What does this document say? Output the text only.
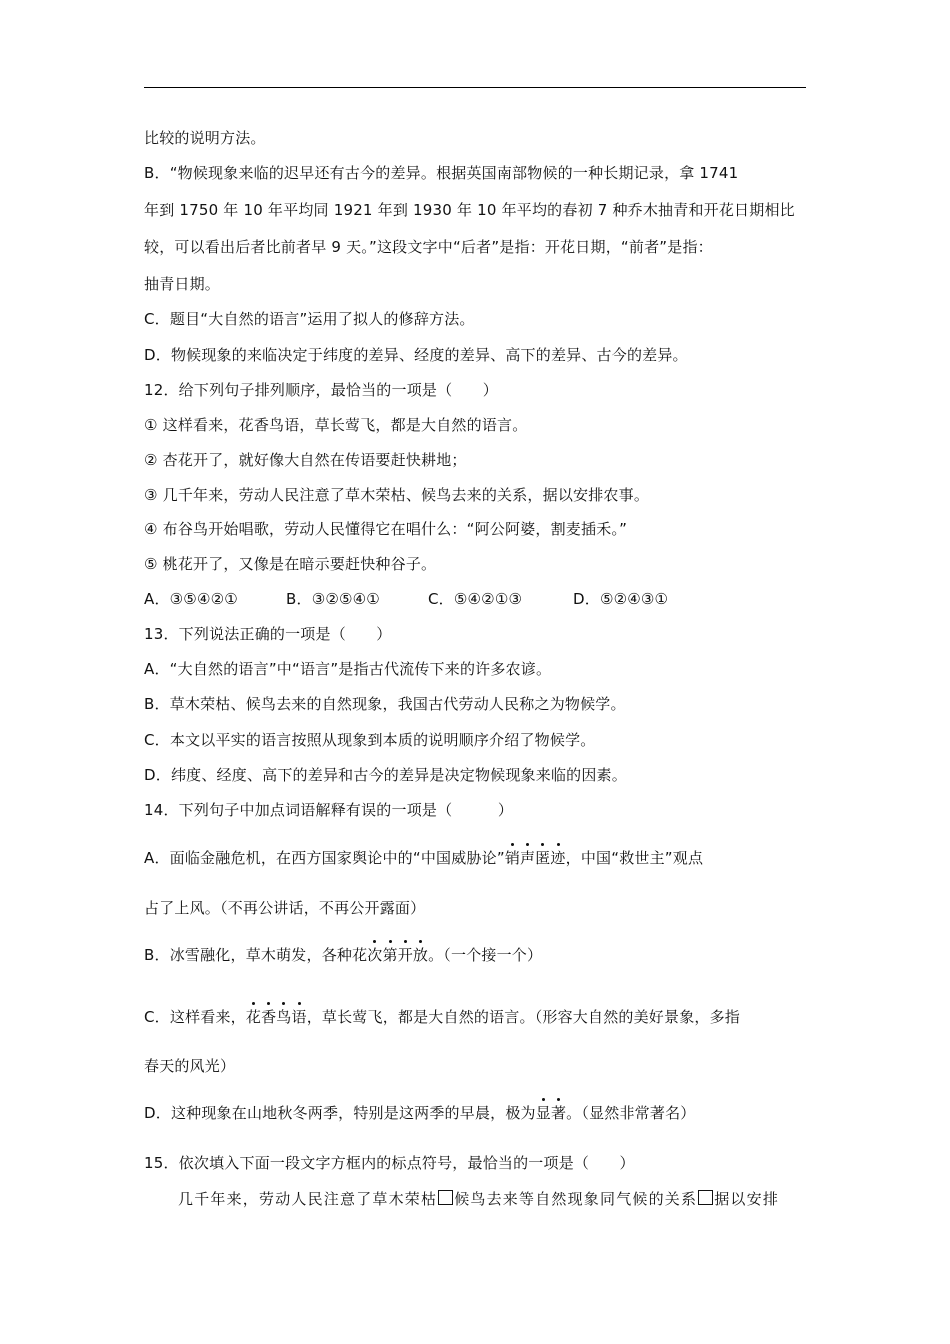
比较的说明方法。
B．“物候现象来临的迟早还有古今的差异。根据英国南部物候的一种长期记录，拿 1741
年到 1750 年 10 年平均同 1921 年到 1930 年 10 年平均的春初 7 种乔木抽青和开花日期相比
较，可以看出后者比前者早 9 天。”这段文字中“后者”是指：开花日期，“前者”是指：
抽青日期。
C．题目“大自然的语言”运用了拟人的修辞方法。
D．物候现象的来临决定于纬度的差异、经度的差异、高下的差异、古今的差异。
12．给下列句子排列顺序，最恰当的一项是（　　）
① 这样看来，花香鸟语，草长莺飞，都是大自然的语言。
② 杏花开了，就好像大自然在传语要赶快耕地；
③ 几千年来，劳动人民注意了草木荣枯、候鸟去来的关系，据以安排农事。
④ 布谷鸟开始唱歌，劳动人民懂得它在唱什么：“阿公阿婆，割麦插禾。”
⑤ 桃花开了，又像是在暗示要赶快种谷子。
A．③⑤④②①	B．③②⑤④①	C．⑤④②①③	D．⑤②④③①
13．下列说法正确的一项是（　　）
A．“大自然的语言”中“语言”是指古代流传下来的许多农谚。
B．草木荣枯、候鸟去来的自然现象，我国古代劳动人民称之为物候学。
C．本文以平实的语言按照从现象到本质的说明顺序介绍了物候学。
D．纬度、经度、高下的差异和古今的差异是决定物候现象来临的因素。
14．下列句子中加点词语解释有误的一项是（　　　）
A．面临金融危机，在西方国家舆论中的“中国威胁论”销声匿迹，中国“救世主”观点
占了上风。（不再公讲话，不再公开露面）
B．冰雪融化，草木萌发，各种花次第开放。（一个接一个）
C．这样看来，花香鸟语，草长莺飞，都是大自然的语言。（形容大自然的美好景象，多指
春天的风光）
D．这种现象在山地秋冬两季，特别是这两季的早晨，极为显著。（显然非常著名）
15．依次填入下面一段文字方框内的标点符号，最恰当的一项是（　　）
几千年来，劳动人民注意了草木荣枯 候鸟去来等自然现象同气候的关系 据以安排
